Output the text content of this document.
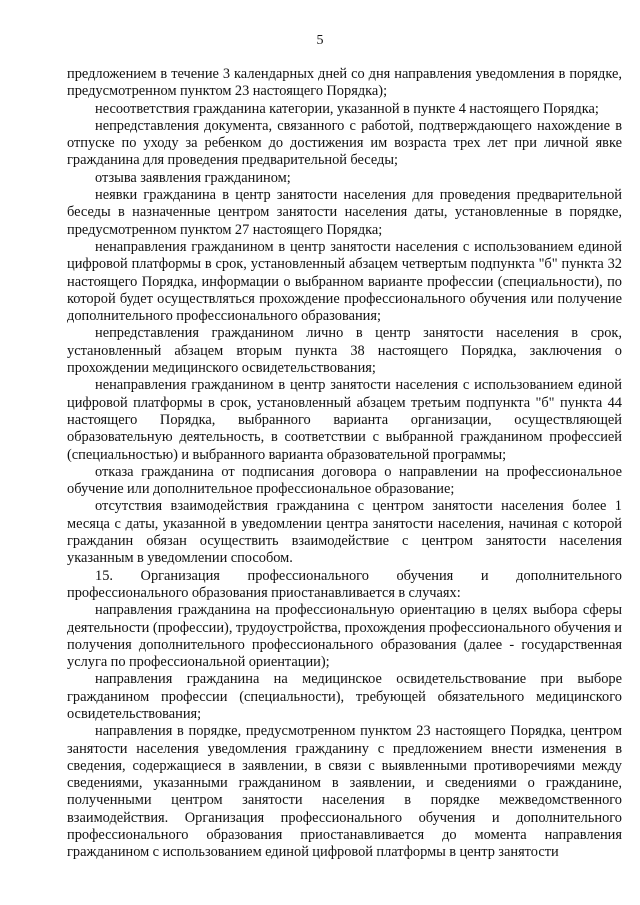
5

предложением в течение 3 календарных дней со дня направления уведомления в порядке, предусмотренном пунктом 23 настоящего Порядка);

несоответствия гражданина категории, указанной в пункте 4 настоящего Порядка;

непредставления документа, связанного с работой, подтверждающего нахождение в отпуске по уходу за ребенком до достижения им возраста трех лет при личной явке гражданина для проведения предварительной беседы;

отзыва заявления гражданином;

неявки гражданина в центр занятости населения для проведения предварительной беседы в назначенные центром занятости населения даты, установленные в порядке, предусмотренном пунктом 27 настоящего Порядка;

ненаправления гражданином в центр занятости населения с использованием единой цифровой платформы в срок, установленный абзацем четвертым подпункта "б" пункта 32 настоящего Порядка, информации о выбранном варианте профессии (специальности), по которой будет осуществляться прохождение профессионального обучения или получение дополнительного профессионального образования;

непредставления гражданином лично в центр занятости населения в срок, установленный абзацем вторым пункта 38 настоящего Порядка, заключения о прохождении медицинского освидетельствования;

ненаправления гражданином в центр занятости населения с использованием единой цифровой платформы в срок, установленный абзацем третьим подпункта "б" пункта 44 настоящего Порядка, выбранного варианта организации, осуществляющей образовательную деятельность, в соответствии с выбранной гражданином профессией (специальностью) и выбранного варианта образовательной программы;

отказа гражданина от подписания договора о направлении на профессиональное обучение или дополнительное профессиональное образование;

отсутствия взаимодействия гражданина с центром занятости населения более 1 месяца с даты, указанной в уведомлении центра занятости населения, начиная с которой гражданин обязан осуществить взаимодействие с центром занятости населения указанным в уведомлении способом.

15. Организация профессионального обучения и дополнительного профессионального образования приостанавливается в случаях:

направления гражданина на профессиональную ориентацию в целях выбора сферы деятельности (профессии), трудоустройства, прохождения профессионального обучения и получения дополнительного профессионального образования (далее - государственная услуга по профессиональной ориентации);

направления гражданина на медицинское освидетельствование при выборе гражданином профессии (специальности), требующей обязательного медицинского освидетельствования;

направления в порядке, предусмотренном пунктом 23 настоящего Порядка, центром занятости населения уведомления гражданину с предложением внести изменения в сведения, содержащиеся в заявлении, в связи с выявленными противоречиями между сведениями, указанными гражданином в заявлении, и сведениями о гражданине, полученными центром занятости населения в порядке межведомственного взаимодействия. Организация профессионального обучения и дополнительного профессионального образования приостанавливается до момента направления гражданином с использованием единой цифровой платформы в центр занятости
